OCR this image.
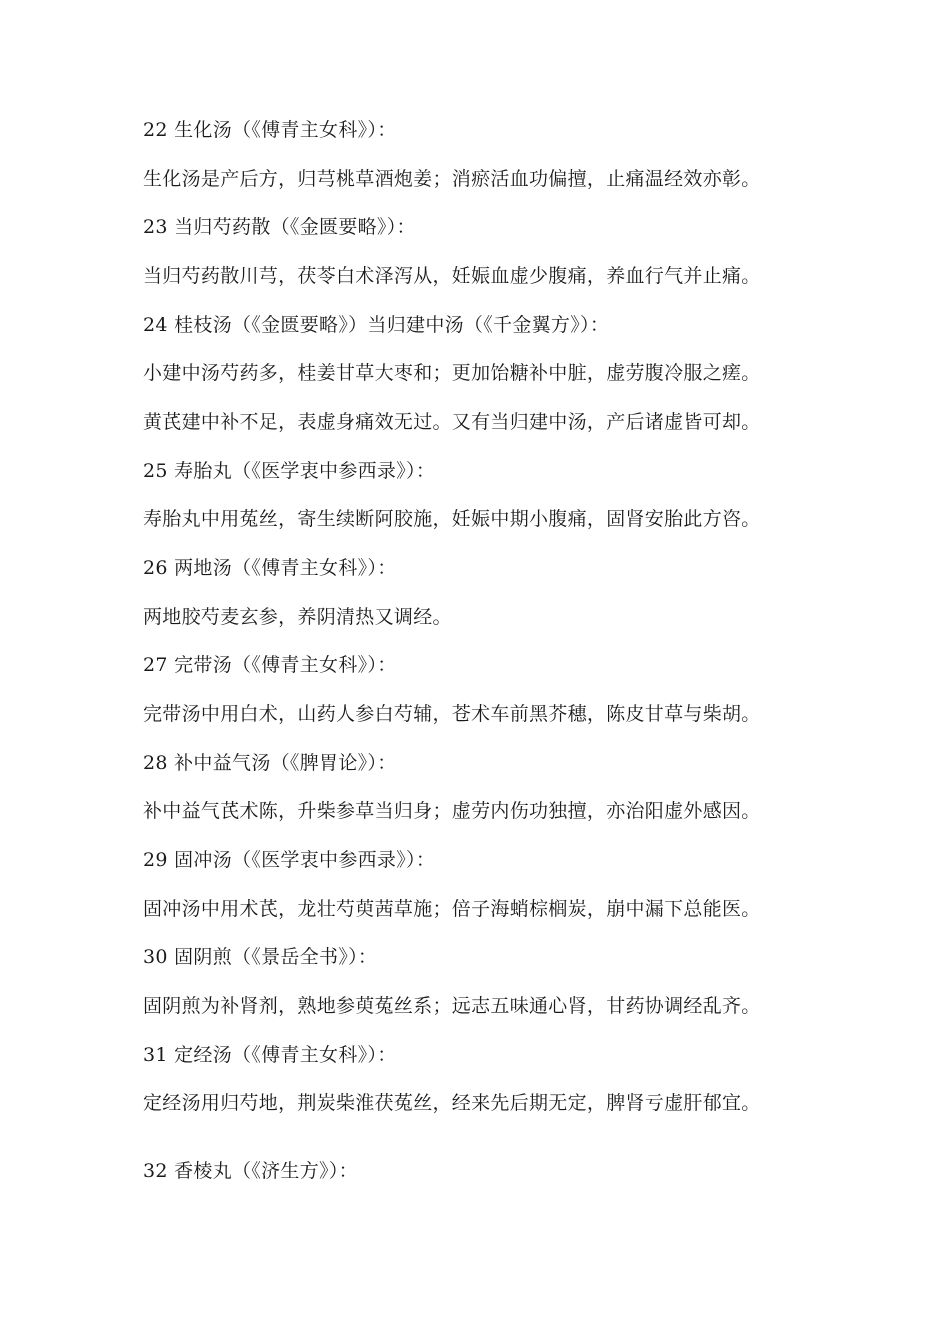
22 生化汤（《傅青主女科》）：
生化汤是产后方，归芎桃草酒炮姜；消瘀活血功偏擅，止痛温经效亦彰。
23 当归芍药散（《金匮要略》）：
当归芍药散川芎，茯苓白术泽泻从，妊娠血虚少腹痛，养血行气并止痛。
24 桂枝汤（《金匮要略》）当归建中汤（《千金翼方》）：
小建中汤芍药多，桂姜甘草大枣和；更加饴糖补中脏，虚劳腹冷服之瘥。
黄芪建中补不足，表虚身痛效无过。又有当归建中汤，产后诸虚皆可却。
25 寿胎丸（《医学衷中参西录》）：
寿胎丸中用菟丝，寄生续断阿胶施，妊娠中期小腹痛，固肾安胎此方咨。
26 两地汤（《傅青主女科》）：
两地胶芍麦玄参，养阴清热又调经。
27 完带汤（《傅青主女科》）：
完带汤中用白术，山药人参白芍辅，苍术车前黑芥穗，陈皮甘草与柴胡。
28 补中益气汤（《脾胃论》）：
补中益气芪术陈，升柴参草当归身；虚劳内伤功独擅，亦治阳虚外感因。
29 固冲汤（《医学衷中参西录》）：
固冲汤中用术芪，龙壮芍萸茜草施；倍子海蛸棕榈炭，崩中漏下总能医。
30 固阴煎（《景岳全书》）：
固阴煎为补肾剂，熟地参萸菟丝系；远志五味通心肾，甘药协调经乱齐。
31 定经汤（《傅青主女科》）：
定经汤用归芍地，荆炭柴淮茯菟丝，经来先后期无定，脾肾亏虚肝郁宜。
32 香棱丸（《济生方》）：
